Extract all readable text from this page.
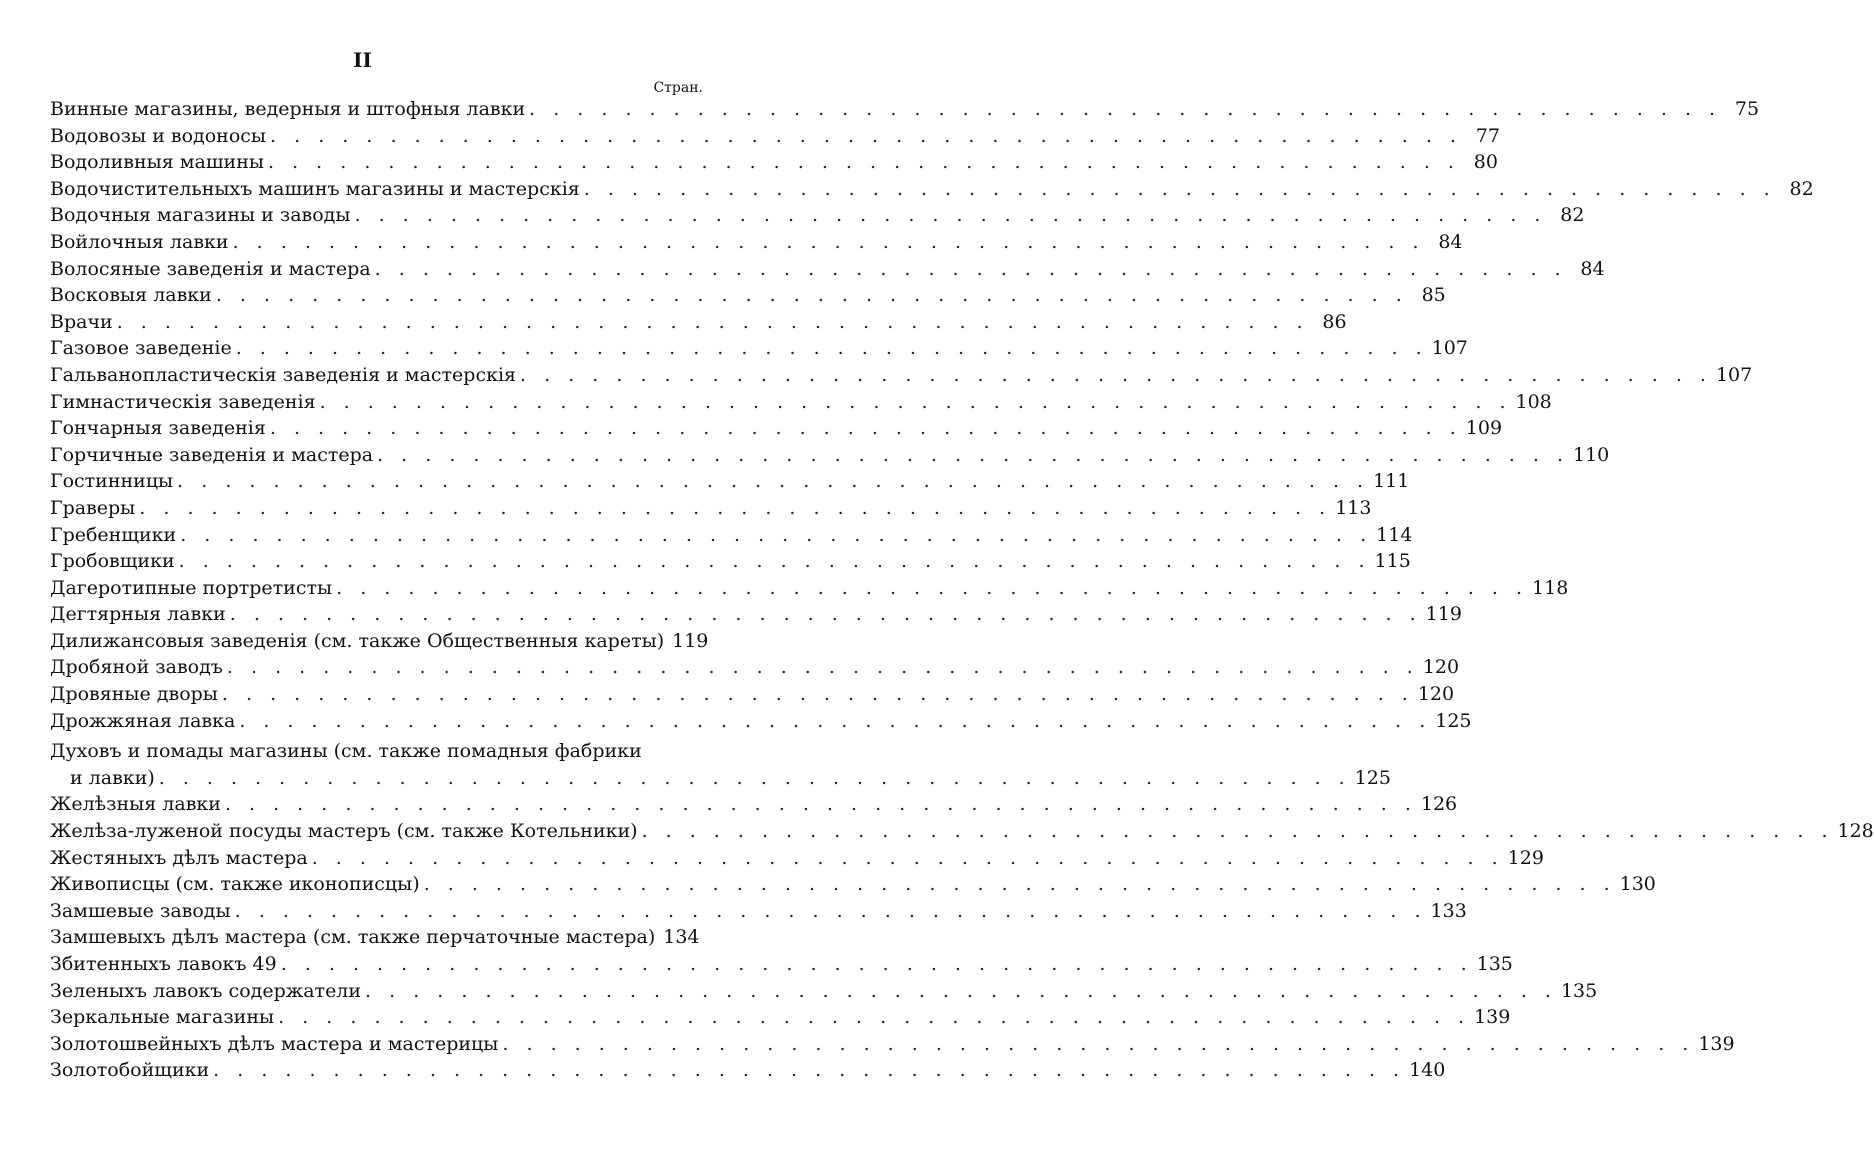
II
Стран.
Винные магазины, ведерныя и штофныя лавки . . . . . . . . . . . . . . . . . . . . . . . . . . . . . . . . . . . . . . . . . . . . . . . . . . 75
Водовозы и водоносы . . . . . . . . . . . . . . . . . . . . . . . . . . . . . . . . . . . . . . . . . . . . . . . . . . 77
Водоливныя машины . . . . . . . . . . . . . . . . . . . . . . . . . . . . . . . . . . . . . . . . . . . . . . . . . . 80
Водочистительныхъ машинъ магазины и мастерскія . . . . . . . . . . . . . . . . . . . . . . . . . . . . . . . . . . . . . . . . . . . . . . . . . . 82
Водочныя магазины и заводы . . . . . . . . . . . . . . . . . . . . . . . . . . . . . . . . . . . . . . . . . . . . . . . . . . 82
Войлочныя лавки . . . . . . . . . . . . . . . . . . . . . . . . . . . . . . . . . . . . . . . . . . . . . . . . . . 84
Волосяные заведенія и мастера . . . . . . . . . . . . . . . . . . . . . . . . . . . . . . . . . . . . . . . . . . . . . . . . . . 84
Восковыя лавки . . . . . . . . . . . . . . . . . . . . . . . . . . . . . . . . . . . . . . . . . . . . . . . . . . 85
Врачи . . . . . . . . . . . . . . . . . . . . . . . . . . . . . . . . . . . . . . . . . . . . . . . . . . 86
Газовое заведеніе . . . . . . . . . . . . . . . . . . . . . . . . . . . . . . . . . . . . . . . . . . . . . . . . . . 107
Гальванопластическія заведенія и мастерскія . . . . . . . . . . . . . . . . . . . . . . . . . . . . . . . . . . . . . . . . . . . . . . . . . . 107
Гимнастическія заведенія . . . . . . . . . . . . . . . . . . . . . . . . . . . . . . . . . . . . . . . . . . . . . . . . . . 108
Гончарныя заведенія . . . . . . . . . . . . . . . . . . . . . . . . . . . . . . . . . . . . . . . . . . . . . . . . . . 109
Горчичные заведенія и мастера . . . . . . . . . . . . . . . . . . . . . . . . . . . . . . . . . . . . . . . . . . . . . . . . . . 110
Гостинницы . . . . . . . . . . . . . . . . . . . . . . . . . . . . . . . . . . . . . . . . . . . . . . . . . . 111
Граверы . . . . . . . . . . . . . . . . . . . . . . . . . . . . . . . . . . . . . . . . . . . . . . . . . . 113
Гребенщики . . . . . . . . . . . . . . . . . . . . . . . . . . . . . . . . . . . . . . . . . . . . . . . . . . 114
Гробовщики . . . . . . . . . . . . . . . . . . . . . . . . . . . . . . . . . . . . . . . . . . . . . . . . . . 115
Дагеротипные портретисты . . . . . . . . . . . . . . . . . . . . . . . . . . . . . . . . . . . . . . . . . . . . . . . . . . 118
Дегтярныя лавки . . . . . . . . . . . . . . . . . . . . . . . . . . . . . . . . . . . . . . . . . . . . . . . . . . 119
Дилижансовыя заведенія (см. также Общественныя кареты) 119
Дробяной заводъ . . . . . . . . . . . . . . . . . . . . . . . . . . . . . . . . . . . . . . . . . . . . . . . . . . 120
Дровяные дворы . . . . . . . . . . . . . . . . . . . . . . . . . . . . . . . . . . . . . . . . . . . . . . . . . . 120
Дрожжяная лавка . . . . . . . . . . . . . . . . . . . . . . . . . . . . . . . . . . . . . . . . . . . . . . . . . . 125
Духовъ и помады магазины (см. также помадныя фабрики
и лавки) . . . . . . . . . . . . . . . . . . . . . . . . . . . . . . . . . . . . . . . . . . . . . . . . . . 125
Желѣзныя лавки . . . . . . . . . . . . . . . . . . . . . . . . . . . . . . . . . . . . . . . . . . . . . . . . . . 126
Желѣза-луженой посуды мастеръ (см. также Котельники) . . . . . . . . . . . . . . . . . . . . . . . . . . . . . . . . . . . . . . . . . . . . . . . . . . 128
Жестяныхъ дѣлъ мастера . . . . . . . . . . . . . . . . . . . . . . . . . . . . . . . . . . . . . . . . . . . . . . . . . . 129
Живописцы (см. также иконописцы) . . . . . . . . . . . . . . . . . . . . . . . . . . . . . . . . . . . . . . . . . . . . . . . . . . 130
Замшевые заводы . . . . . . . . . . . . . . . . . . . . . . . . . . . . . . . . . . . . . . . . . . . . . . . . . . 133
Замшевыхъ дѣлъ мастера (см. также перчаточные мастера) 134
Збитенныхъ лавокъ 49 . . . . . . . . . . . . . . . . . . . . . . . . . . . . . . . . . . . . . . . . . . . . . . . . . . 135
Зеленыхъ лавокъ содержатели . . . . . . . . . . . . . . . . . . . . . . . . . . . . . . . . . . . . . . . . . . . . . . . . . . 135
Зеркальные магазины . . . . . . . . . . . . . . . . . . . . . . . . . . . . . . . . . . . . . . . . . . . . . . . . . . 139
Золотошвейныхъ дѣлъ мастера и мастерицы . . . . . . . . . . . . . . . . . . . . . . . . . . . . . . . . . . . . . . . . . . . . . . . . . . 139
Золотобойщики . . . . . . . . . . . . . . . . . . . . . . . . . . . . . . . . . . . . . . . . . . . . . . . . . . 140
